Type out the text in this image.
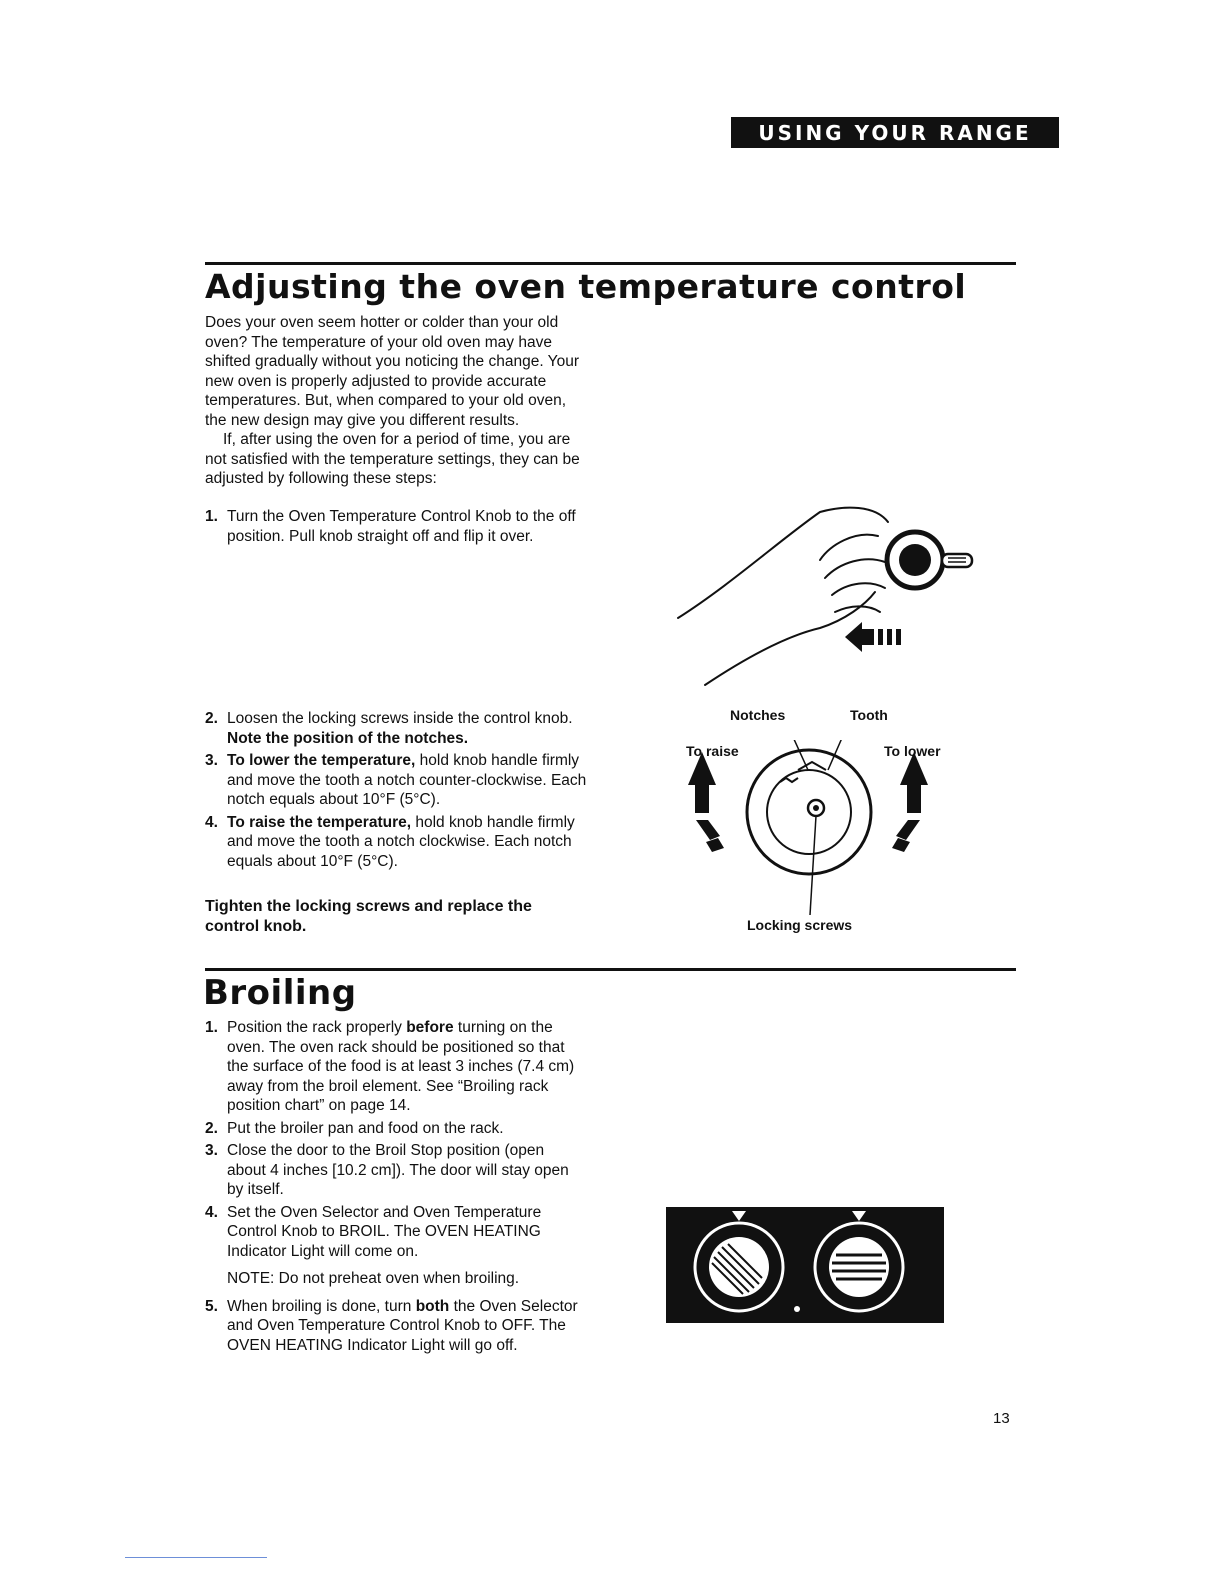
USING YOUR RANGE
Adjusting the oven temperature control

Does your oven seem hotter or colder than your old oven? The temperature of your old oven may have shifted gradually without you noticing the change. Your new oven is properly adjusted to provide accurate temperatures. But, when compared to your old oven, the new design may give you different results.

If, after using the oven for a period of time, you are not satisfied with the temperature settings, they can be adjusted by following these steps:

1. Turn the Oven Temperature Control Knob to the off position. Pull knob straight off and flip it over.
2. Loosen the locking screws inside the control knob. Note the position of the notches.
3. To lower the temperature, hold knob handle firmly and move the tooth a notch counter-clockwise. Each notch equals about 10°F (5°C).
4. To raise the temperature, hold knob handle firmly and move the tooth a notch clockwise. Each notch equals about 10°F (5°C).
Tighten the locking screws and replace the control knob.
Notches	Tooth
To raise	To lower
Locking screws
Broiling
1. Position the rack properly before turning on the oven. The oven rack should be positioned so that the surface of the food is at least 3 inches (7.4 cm) away from the broil element. See “Broiling rack position chart” on page 14.
2. Put the broiler pan and food on the rack.
3. Close the door to the Broil Stop position (open about 4 inches [10.2 cm]). The door will stay open by itself.
4. Set the Oven Selector and Oven Temperature Control Knob to BROIL. The OVEN HEATING Indicator Light will come on.
NOTE: Do not preheat oven when broiling.
5. When broiling is done, turn both the Oven Selector and Oven Temperature Control Knob to OFF. The OVEN HEATING Indicator Light will go off.
13
